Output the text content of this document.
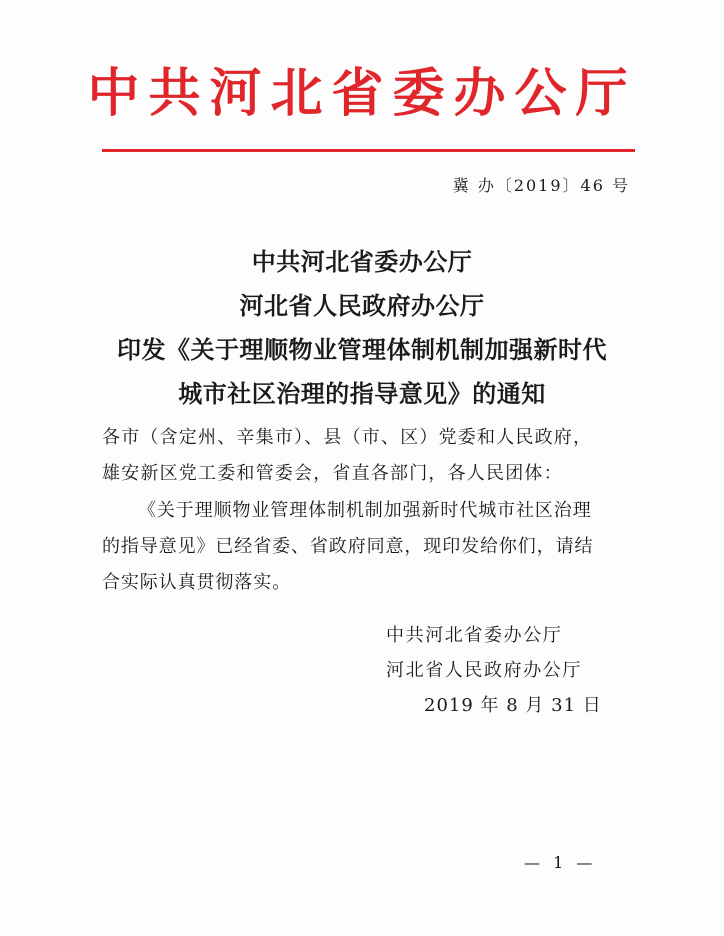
中共河北省委办公厅
冀 办〔2019〕46 号
中共河北省委办公厅
河北省人民政府办公厅
印发《关于理顺物业管理体制机制加强新时代
城市社区治理的指导意见》的通知
各市（含定州、辛集市）、县（市、区）党委和人民政府，
雄安新区党工委和管委会，省直各部门，各人民团体：
《关于理顺物业管理体制机制加强新时代城市社区治理
的指导意见》已经省委、省政府同意，现印发给你们，请结
合实际认真贯彻落实。
中共河北省委办公厅
河北省人民政府办公厅
2019 年 8 月 31 日
— 1 —
